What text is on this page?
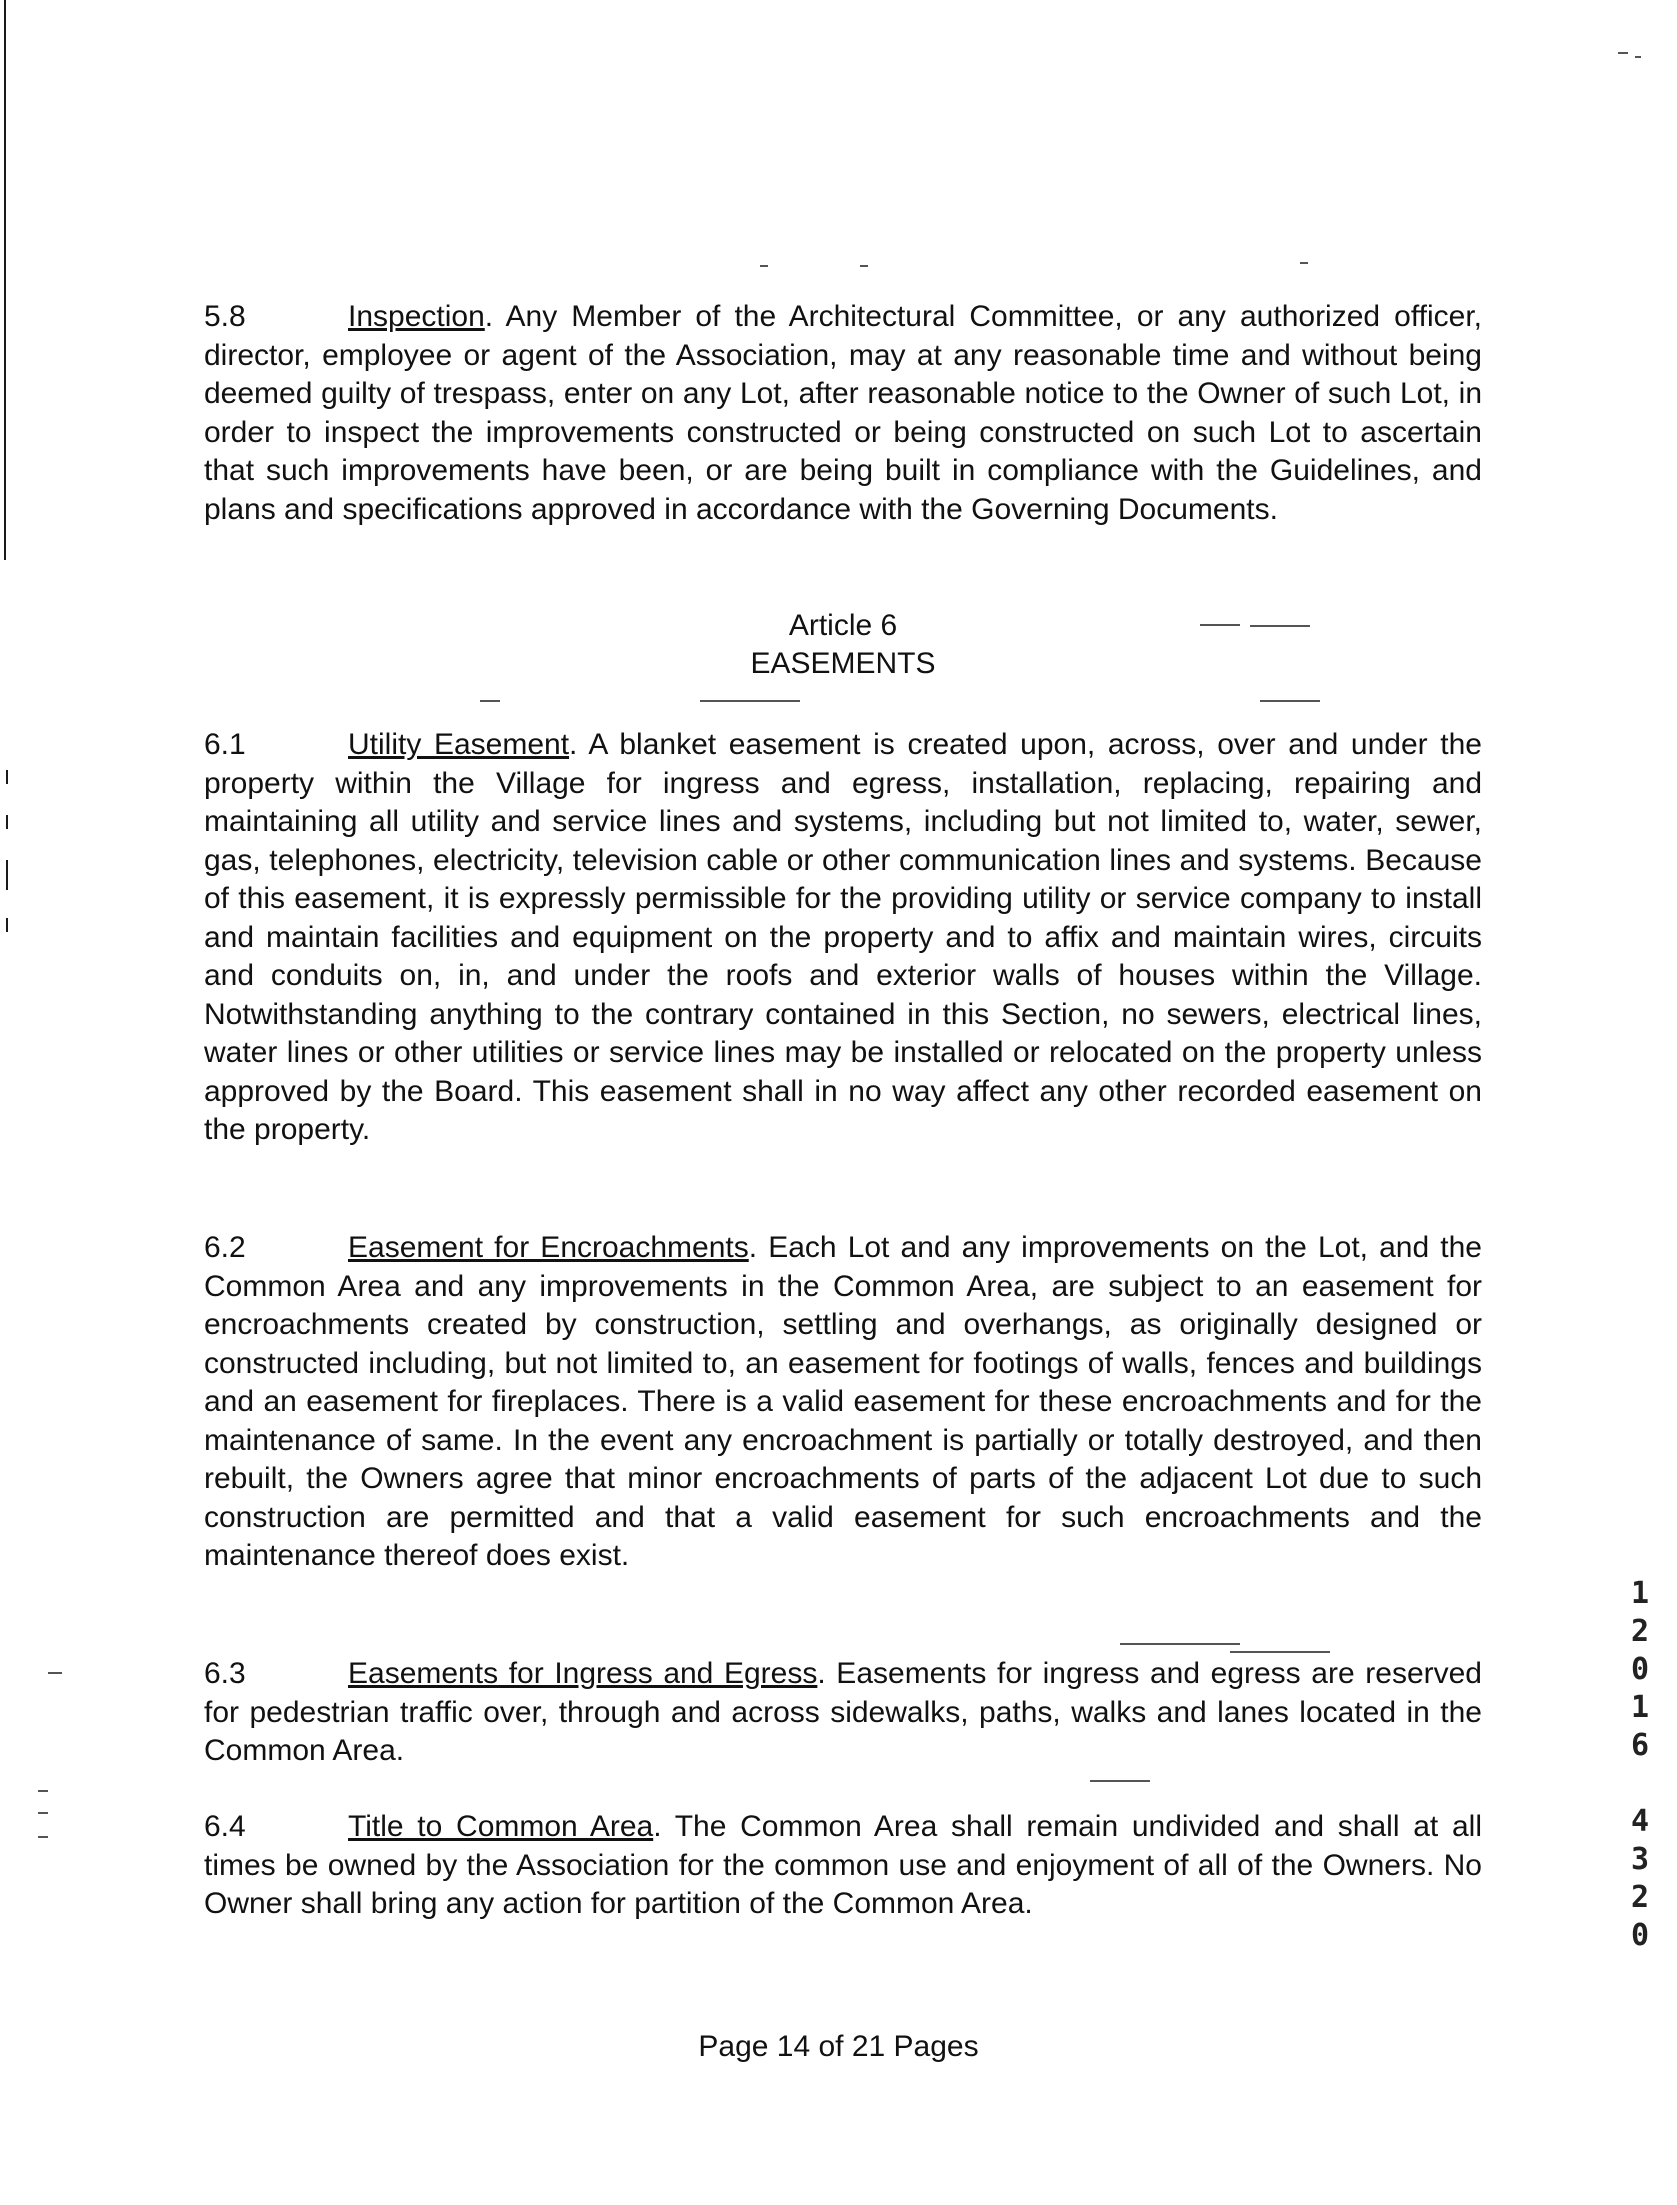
5.8	Inspection. Any Member of the Architectural Committee, or any authorized officer, director, employee or agent of the Association, may at any reasonable time and without being deemed guilty of trespass, enter on any Lot, after reasonable notice to the Owner of such Lot, in order to inspect the improvements constructed or being constructed on such Lot to ascertain that such improvements have been, or are being built in compliance with the Guidelines, and plans and specifications approved in accordance with the Governing Documents.

Article 6

EASEMENTS

6.1	Utility Easement. A blanket easement is created upon, across, over and under the property within the Village for ingress and egress, installation, replacing, repairing and maintaining all utility and service lines and systems, including but not limited to, water, sewer, gas, telephones, electricity, television cable or other communication lines and systems. Because of this easement, it is expressly permissible for the providing utility or service company to install and maintain facilities and equipment on the property and to affix and maintain wires, circuits and conduits on, in, and under the roofs and exterior walls of houses within the Village. Notwithstanding anything to the contrary contained in this Section, no sewers, electrical lines, water lines or other utilities or service lines may be installed or relocated on the property unless approved by the Board. This easement shall in no way affect any other recorded easement on the property.

6.2	Easement for Encroachments. Each Lot and any improvements on the Lot, and the Common Area and any improvements in the Common Area, are subject to an easement for encroachments created by construction, settling and overhangs, as originally designed or constructed including, but not limited to, an easement for footings of walls, fences and buildings and an easement for fireplaces. There is a valid easement for these encroachments and for the maintenance of same. In the event any encroachment is partially or totally destroyed, and then rebuilt, the Owners agree that minor encroachments of parts of the adjacent Lot due to such construction are permitted and that a valid easement for such encroachments and the maintenance thereof does exist.

6.3	Easements for Ingress and Egress. Easements for ingress and egress are reserved for pedestrian traffic over, through and across sidewalks, paths, walks and lanes located in the Common Area.

6.4	Title to Common Area. The Common Area shall remain undivided and shall at all times be owned by the Association for the common use and enjoyment of all of the Owners. No Owner shall bring any action for partition of the Common Area.

Page 14 of 21 Pages
1
2
0
1
6
4
3
2
0
